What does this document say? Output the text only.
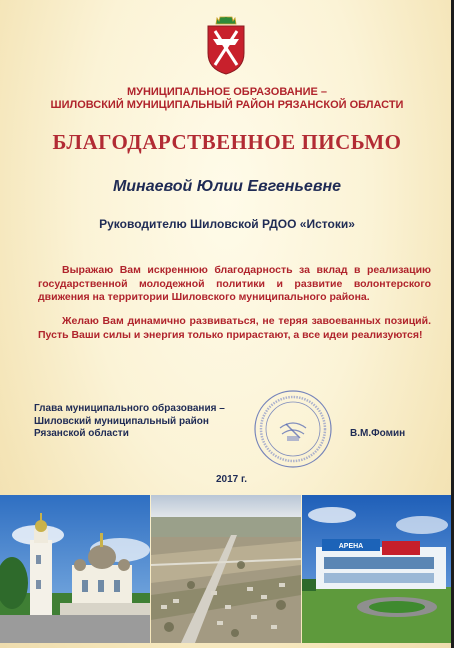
МУНИЦИПАЛЬНОЕ ОБРАЗОВАНИЕ –
ШИЛОВСКИЙ МУНИЦИПАЛЬНЫЙ РАЙОН РЯЗАНСКОЙ ОБЛАСТИ
БЛАГОДАРСТВЕННОЕ ПИСЬМО
Минаевой Юлии Евгеньевне
Руководителю Шиловской РДОО «Истоки»
Выражаю Вам искреннюю благодарность за вклад в реализацию государственной молодежной политики и развитие волонтерского движения на территории Шиловского муниципального района.
Желаю Вам динамично развиваться, не теряя завоеванных позиций. Пусть Ваши силы и энергия только прирастают, а все идеи реализуются!
Глава муниципального образования –
Шиловский муниципальный район
Рязанской области	В.М.Фомин
2017 г.
АРЕНА
